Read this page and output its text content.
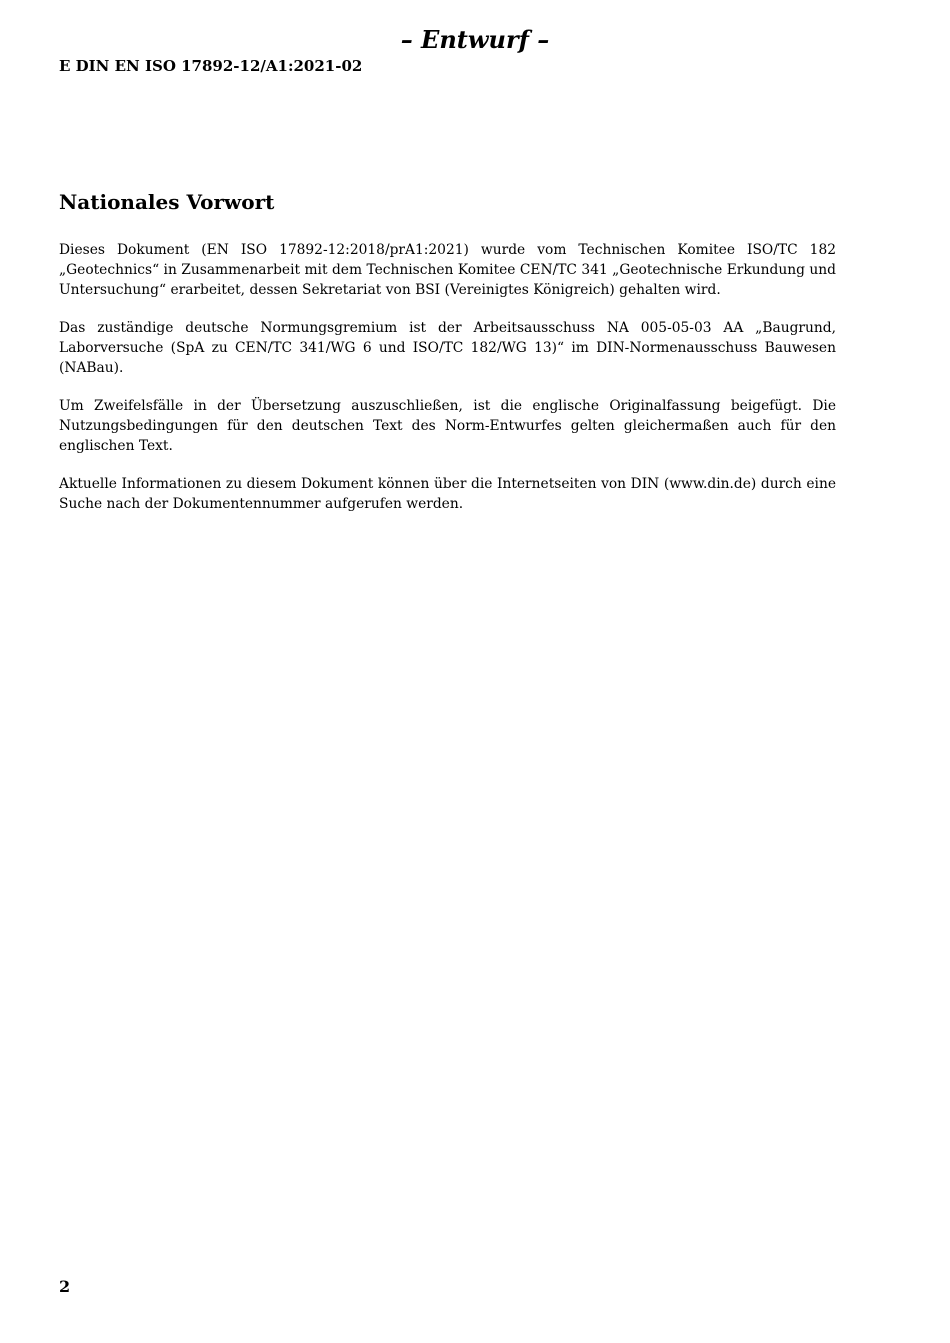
– Entwurf –
E DIN EN ISO 17892-12/A1:2021-02
Nationales Vorwort

Dieses Dokument (EN ISO 17892-12:2018/prA1:2021) wurde vom Technischen Komitee ISO/TC 182 „Geotechnics“ in Zusammenarbeit mit dem Technischen Komitee CEN/TC 341 „Geotechnische Erkundung und Untersuchung“ erarbeitet, dessen Sekretariat von BSI (Vereinigtes Königreich) gehalten wird.

Das zuständige deutsche Normungsgremium ist der Arbeitsausschuss NA 005-05-03 AA „Baugrund, Laborversuche (SpA zu CEN/TC 341/WG 6 und ISO/TC 182/WG 13)“ im DIN-Normenausschuss Bauwesen (NABau).

Um Zweifelsfälle in der Übersetzung auszuschließen, ist die englische Originalfassung beigefügt. Die Nutzungsbedingungen für den deutschen Text des Norm-Entwurfes gelten gleichermaßen auch für den englischen Text.

Aktuelle Informationen zu diesem Dokument können über die Internetseiten von DIN (www.din.de) durch eine Suche nach der Dokumentennummer aufgerufen werden.

2
